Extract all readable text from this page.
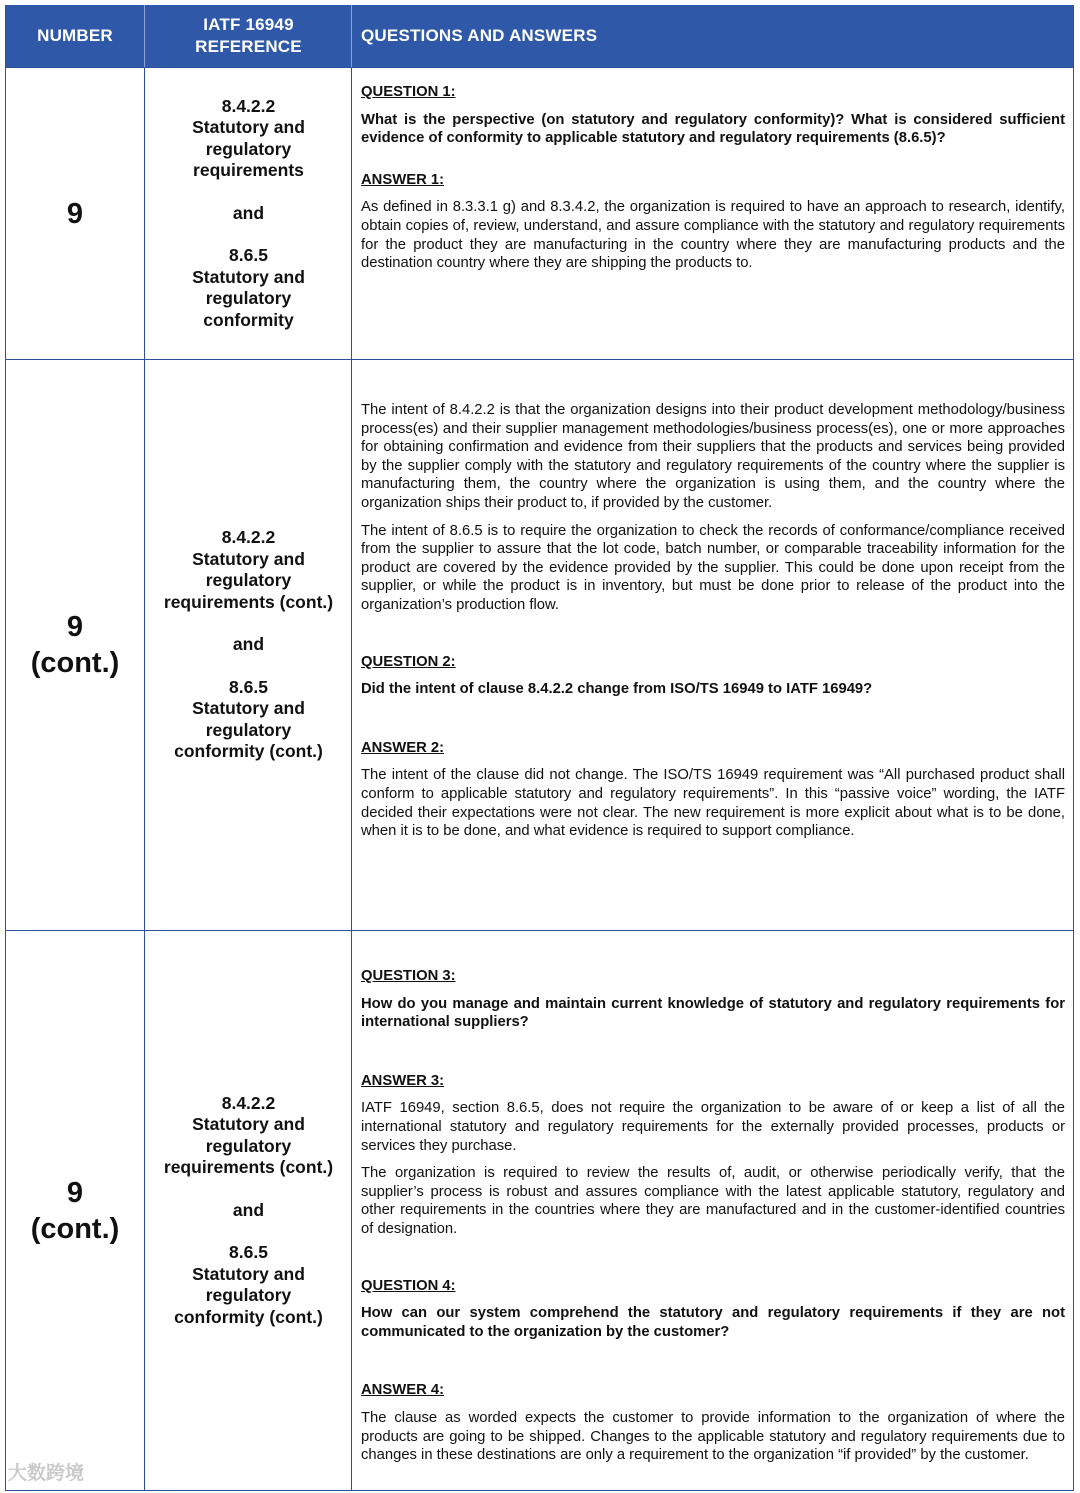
NUMBER
IATF 16949
REFERENCE
QUESTIONS AND ANSWERS
9
8.4.2.2
Statutory and
regulatory
requirements
and
8.6.5
Statutory and
regulatory
conformity

QUESTION 1:

What is the perspective (on statutory and regulatory conformity)? What is considered sufficient evidence of conformity to applicable statutory and regulatory requirements (8.6.5)?

ANSWER 1:

As defined in 8.3.3.1 g) and 8.3.4.2, the organization is required to have an approach to research, identify, obtain copies of, review, understand, and assure compliance with the statutory and regulatory requirements for the product they are manufacturing in the country where they are manufacturing products and the destination country where they are shipping the products to.

9
(cont.)
8.4.2.2
Statutory and
regulatory
requirements (cont.)
and
8.6.5
Statutory and
regulatory
conformity (cont.)

The intent of 8.4.2.2 is that the organization designs into their product development methodology/business process(es) and their supplier management methodologies/business process(es), one or more approaches for obtaining confirmation and evidence from their suppliers that the products and services being provided by the supplier comply with the statutory and regulatory requirements of the country where the supplier is manufacturing them, the country where the organization is using them, and the country where the organization ships their product to, if provided by the customer.

The intent of 8.6.5 is to require the organization to check the records of conformance/compliance received from the supplier to assure that the lot code, batch number, or comparable traceability information for the product are covered by the evidence provided by the supplier. This could be done upon receipt from the supplier, or while the product is in inventory, but must be done prior to release of the product into the organization’s production flow.

QUESTION 2:

Did the intent of clause 8.4.2.2 change from ISO/TS 16949 to IATF 16949?

ANSWER 2:

The intent of the clause did not change. The ISO/TS 16949 requirement was “All purchased product shall conform to applicable statutory and regulatory requirements”. In this “passive voice” wording, the IATF decided their expectations were not clear. The new requirement is more explicit about what is to be done, when it is to be done, and what evidence is required to support compliance.

9
(cont.)
8.4.2.2
Statutory and
regulatory
requirements (cont.)
and
8.6.5
Statutory and
regulatory
conformity (cont.)

QUESTION 3:

How do you manage and maintain current knowledge of statutory and regulatory requirements for international suppliers?

ANSWER 3:

IATF 16949, section 8.6.5, does not require the organization to be aware of or keep a list of all the international statutory and regulatory requirements for the externally provided processes, products or services they purchase.

The organization is required to review the results of, audit, or otherwise periodically verify, that the supplier’s process is robust and assures compliance with the latest applicable statutory, regulatory and other requirements in the countries where they are manufactured and in the customer-identified countries of designation.

QUESTION 4:

How can our system comprehend the statutory and regulatory requirements if they are not communicated to the organization by the customer?

ANSWER 4:

The clause as worded expects the customer to provide information to the organization of where the products are going to be shipped. Changes to the applicable statutory and regulatory requirements due to changes in these destinations are only a requirement to the organization “if provided” by the customer.

大数跨境
